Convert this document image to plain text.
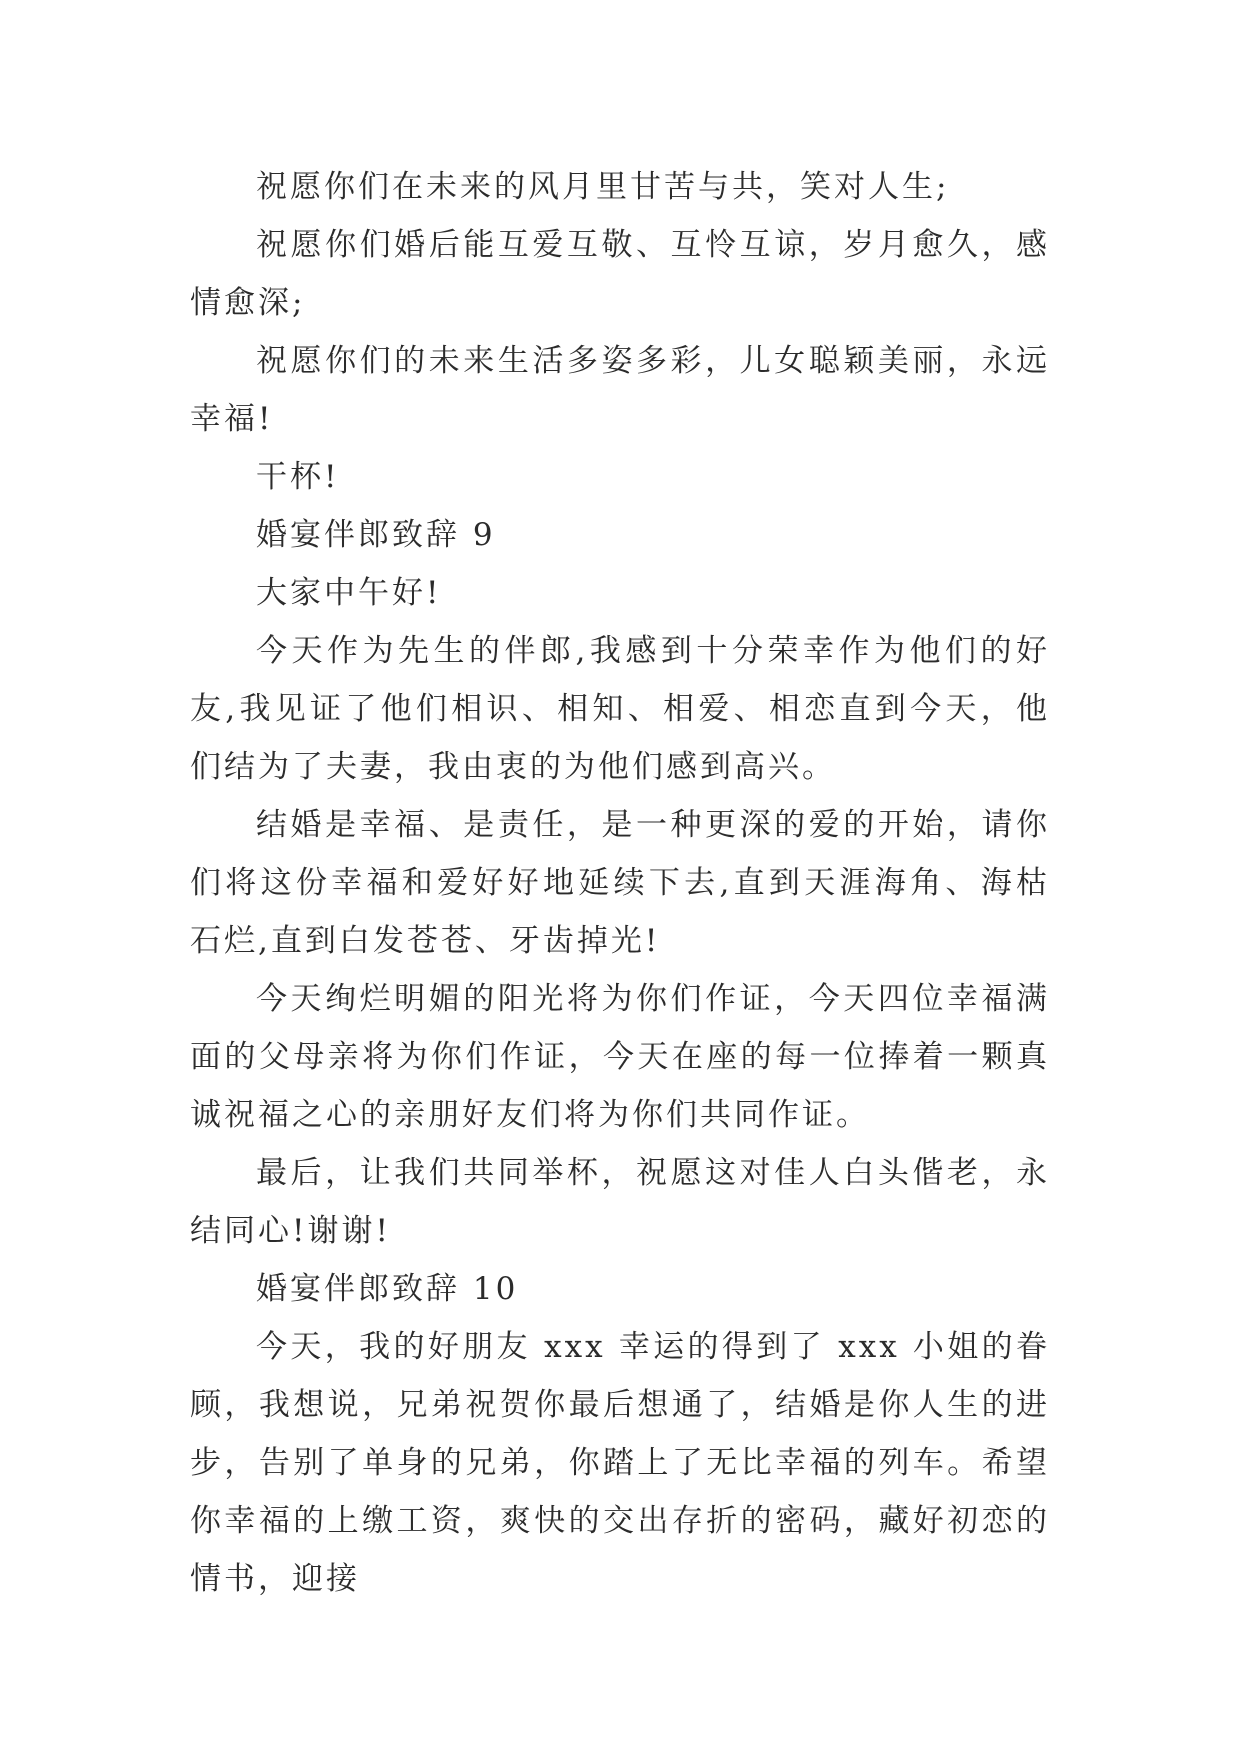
祝愿你们在未来的风月里甘苦与共，笑对人生;

祝愿你们婚后能互爱互敬、互怜互谅，岁月愈久，感情愈深;

祝愿你们的未来生活多姿多彩，儿女聪颖美丽，永远幸福!

干杯!

婚宴伴郎致辞 9

大家中午好!

今天作为先生的伴郎,我感到十分荣幸作为他们的好友,我见证了他们相识、相知、相爱、相恋直到今天，他们结为了夫妻，我由衷的为他们感到高兴。

结婚是幸福、是责任，是一种更深的爱的开始，请你们将这份幸福和爱好好地延续下去,直到天涯海角、海枯石烂,直到白发苍苍、牙齿掉光!

今天绚烂明媚的阳光将为你们作证，今天四位幸福满面的父母亲将为你们作证，今天在座的每一位捧着一颗真诚祝福之心的亲朋好友们将为你们共同作证。

最后，让我们共同举杯，祝愿这对佳人白头偕老，永结同心!谢谢!

婚宴伴郎致辞 10

今天，我的好朋友 xxx 幸运的得到了 xxx 小姐的眷顾，我想说，兄弟祝贺你最后想通了，结婚是你人生的进步，告别了单身的兄弟，你踏上了无比幸福的列车。希望你幸福的上缴工资，爽快的交出存折的密码，藏好初恋的情书，迎接
